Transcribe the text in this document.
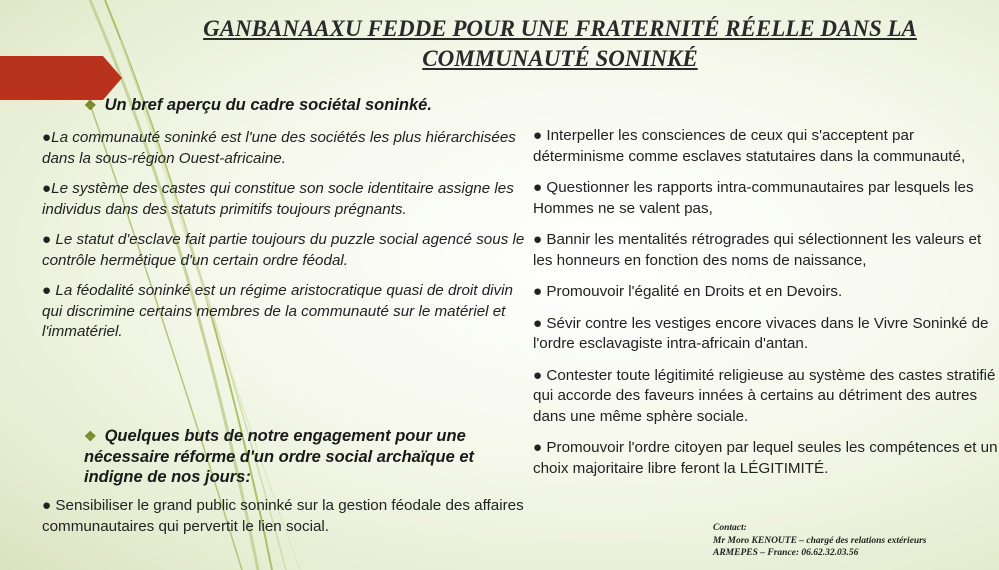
GANBANAAXU FEDDE POUR UNE FRATERNITÉ RÉELLE DANS LA COMMUNAUTÉ SONINKÉ
❖ Un bref aperçu du cadre sociétal soninké.

●La communauté soninké est l'une des sociétés les plus hiérarchisées dans la sous-région Ouest-africaine.

●Le système des castes qui constitue son socle identitaire assigne les individus dans des statuts primitifs toujours prégnants.

● Le statut d'esclave fait partie toujours du puzzle social agencé sous le contrôle hermétique d'un certain ordre féodal.

● La féodalité soninké est un régime aristocratique quasi de droit divin qui discrimine certains membres de la communauté sur le matériel et l'immatériel.

❖ Quelques buts de notre engagement pour une nécessaire réforme d'un ordre social archaïque et indigne de nos jours:

● Sensibiliser le grand public soninké sur la gestion féodale des affaires communautaires qui pervertit le lien social.

● Interpeller les consciences de ceux qui s'acceptent par déterminisme comme esclaves statutaires dans la communauté,

● Questionner les rapports intra-communautaires par lesquels les Hommes ne se valent pas,

● Bannir les mentalités rétrogrades qui sélectionnent les valeurs et les honneurs en fonction des noms de naissance,

● Promouvoir l'égalité en Droits et en Devoirs.

● Sévir contre les vestiges encore vivaces dans le Vivre Soninké de l'ordre esclavagiste intra-africain d'antan.

● Contester toute légitimité religieuse au système des castes stratifié qui accorde des faveurs innées à certains au détriment des autres dans une même sphère sociale.

● Promouvoir l'ordre citoyen par lequel seules les compétences et un choix majoritaire libre feront la LÉGITIMITÉ.

Contact:
Mr Moro KENOUTE – chargé des relations extérieurs
ARMEPES – France: 06.62.32.03.56
